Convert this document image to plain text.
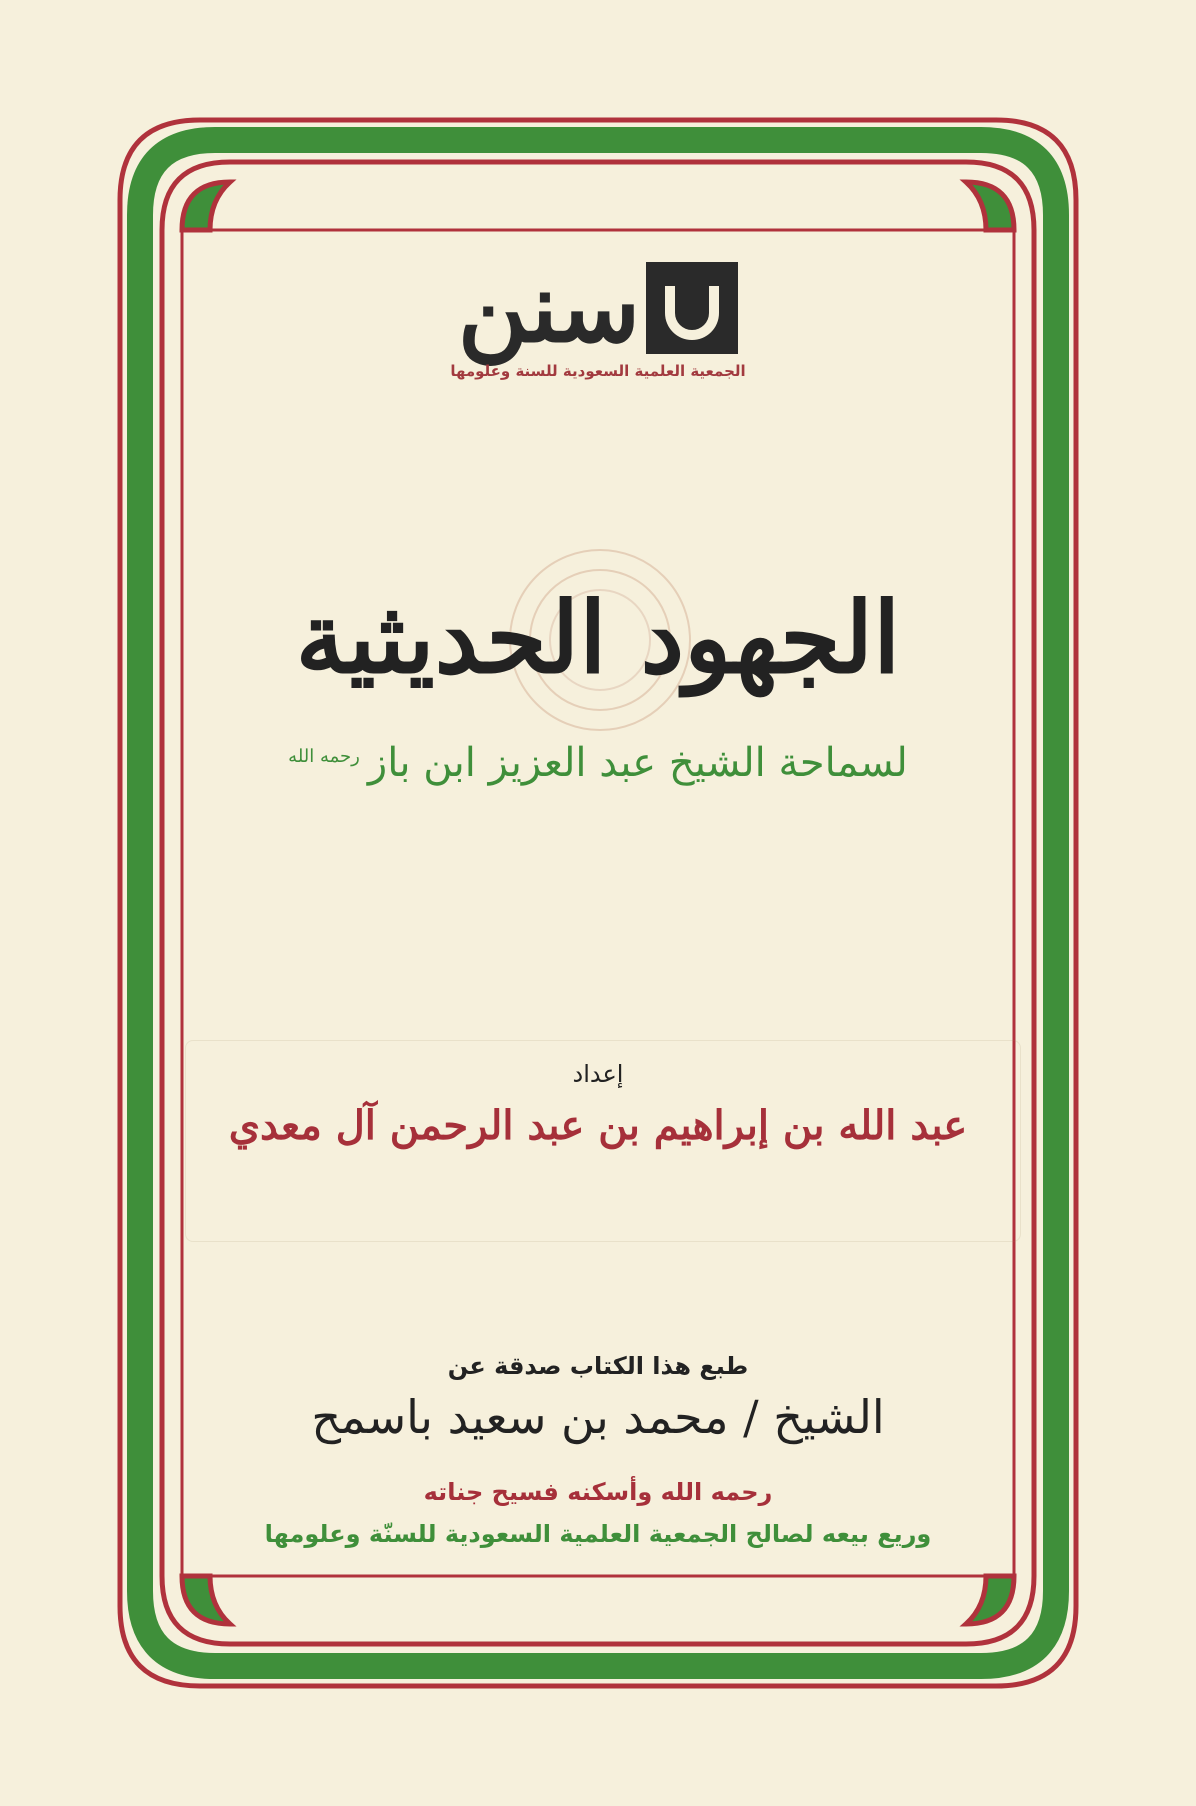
سنن
الجمعية العلمية السعودية للسنة وعلومها
الجهود الحديثية
لسماحة الشيخ عبد العزيز ابن باز$^{رحمه الله}$
إعداد
عبد الله بن إبراهيم بن عبد الرحمن آل معدي
طبع هذا الكتاب صدقة عن
الشيخ / محمد بن سعيد باسمح
رحمه الله وأسكنه فسيح جناته
وريع بيعه لصالح الجمعية العلمية السعودية للسنّة وعلومها
